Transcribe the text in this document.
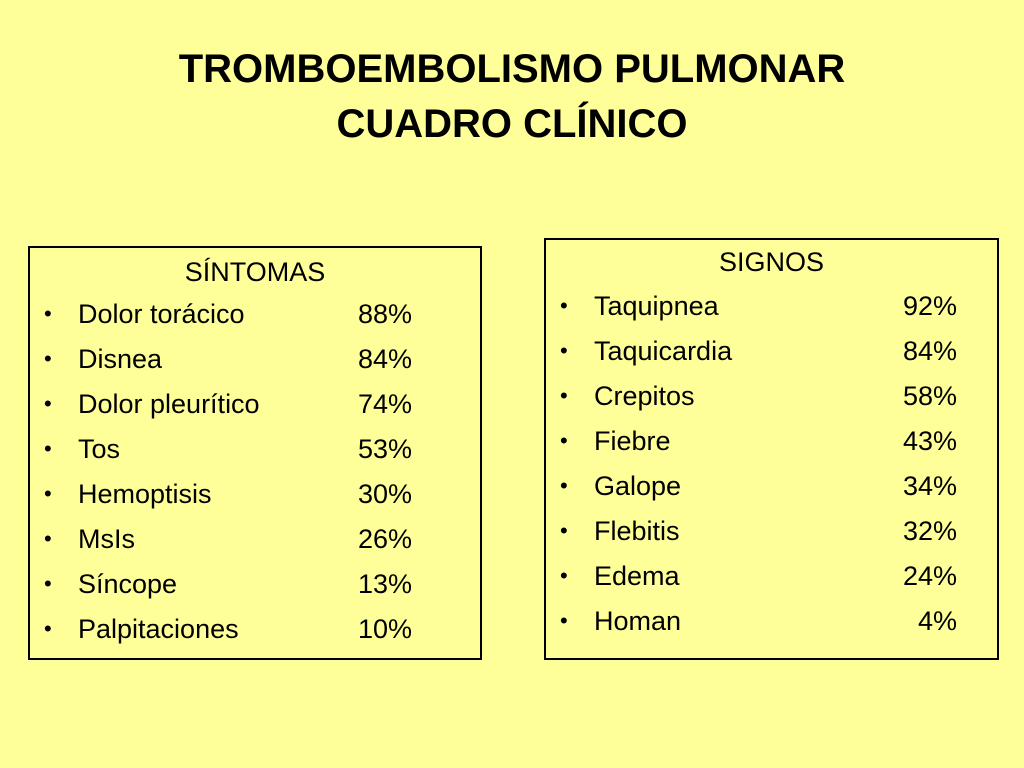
TROMBOEMBOLISMO PULMONAR
CUADRO CLÍNICO
SÍNTOMAS
• Dolor torácico	88%
• Disnea	84%
• Dolor pleurítico	74%
• Tos	53%
• Hemoptisis	30%
• MsIs	26%
• Síncope	13%
• Palpitaciones	10%
SIGNOS
• Taquipnea	92%
• Taquicardia	84%
• Crepitos	58%
• Fiebre	43%
• Galope	34%
• Flebitis	32%
• Edema	24%
• Homan	4%
